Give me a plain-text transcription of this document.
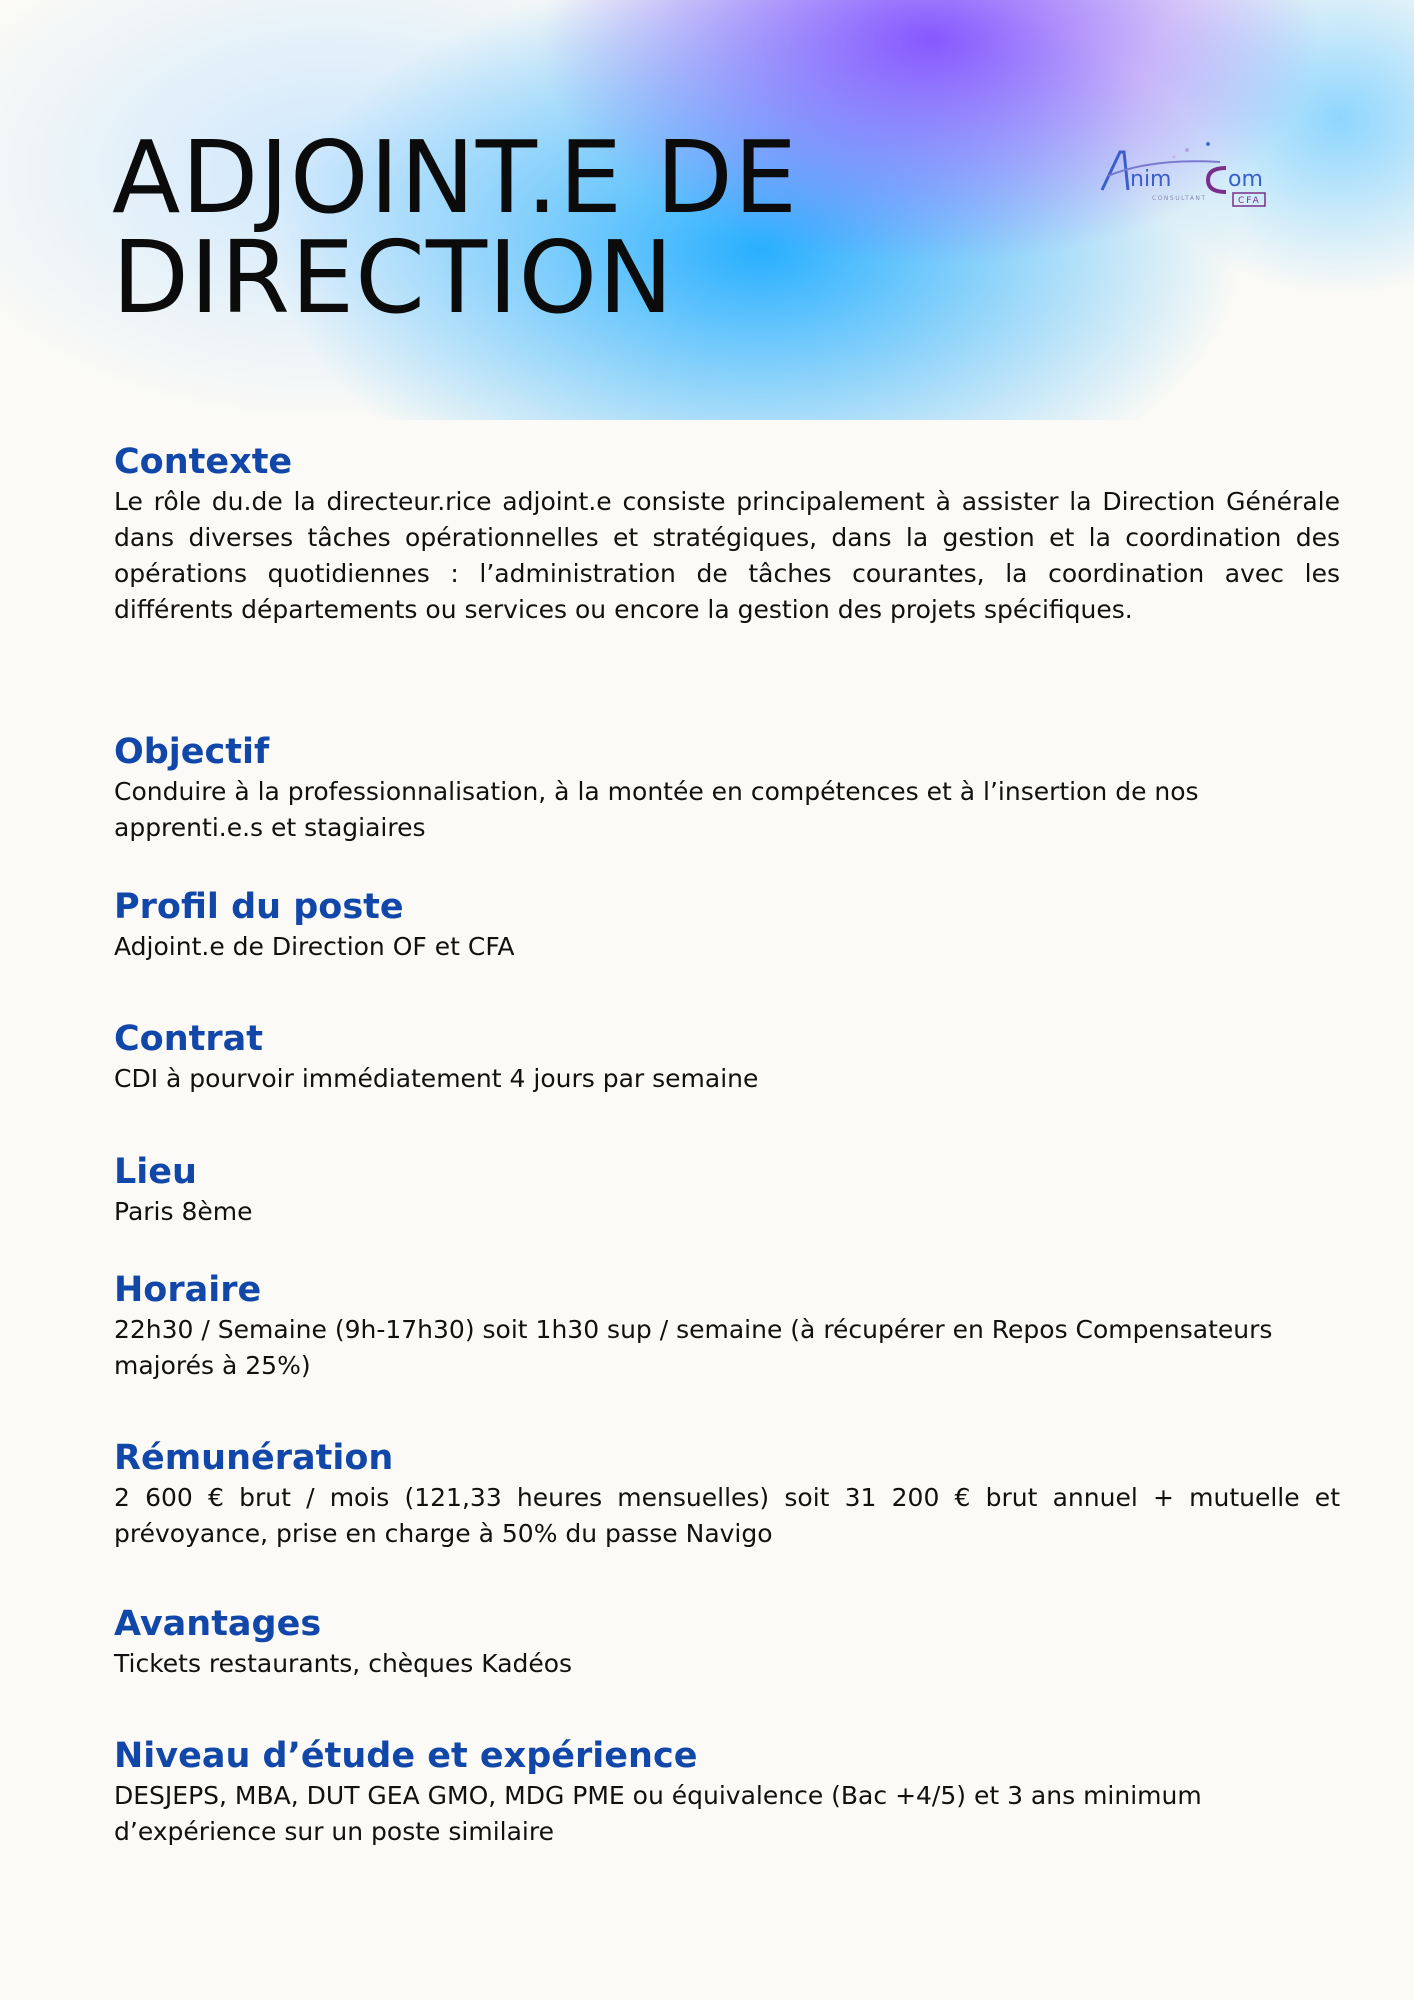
ADJOINT.E DE
DIRECTION
nim	om
CONSULTANT	CFA
Contexte

Le rôle du.de la directeur.rice adjoint.e consiste principalement à assister la Direction Générale dans diverses tâches opérationnelles et stratégiques, dans la gestion et la coordination des opérations quotidiennes : l’administration de tâches courantes, la coordination avec les différents départements ou services ou encore la gestion des projets spécifiques.

Objectif

Conduire à la professionnalisation, à la montée en compétences et à l’insertion de nos apprenti.e.s et stagiaires

Profil du poste

Adjoint.e de Direction OF et CFA

Contrat

CDI à pourvoir immédiatement 4 jours par semaine

Lieu

Paris 8ème

Horaire

22h30 / Semaine (9h-17h30) soit 1h30 sup / semaine (à récupérer en Repos Compensateurs majorés à 25%)

Rémunération

2 600 € brut / mois (121,33 heures mensuelles) soit 31 200 € brut annuel + mutuelle et prévoyance, prise en charge à 50% du passe Navigo

Avantages

Tickets restaurants, chèques Kadéos

Niveau d’étude et expérience

DESJEPS, MBA, DUT GEA GMO, MDG PME ou équivalence (Bac +4/5) et 3 ans minimum d’expérience sur un poste similaire
